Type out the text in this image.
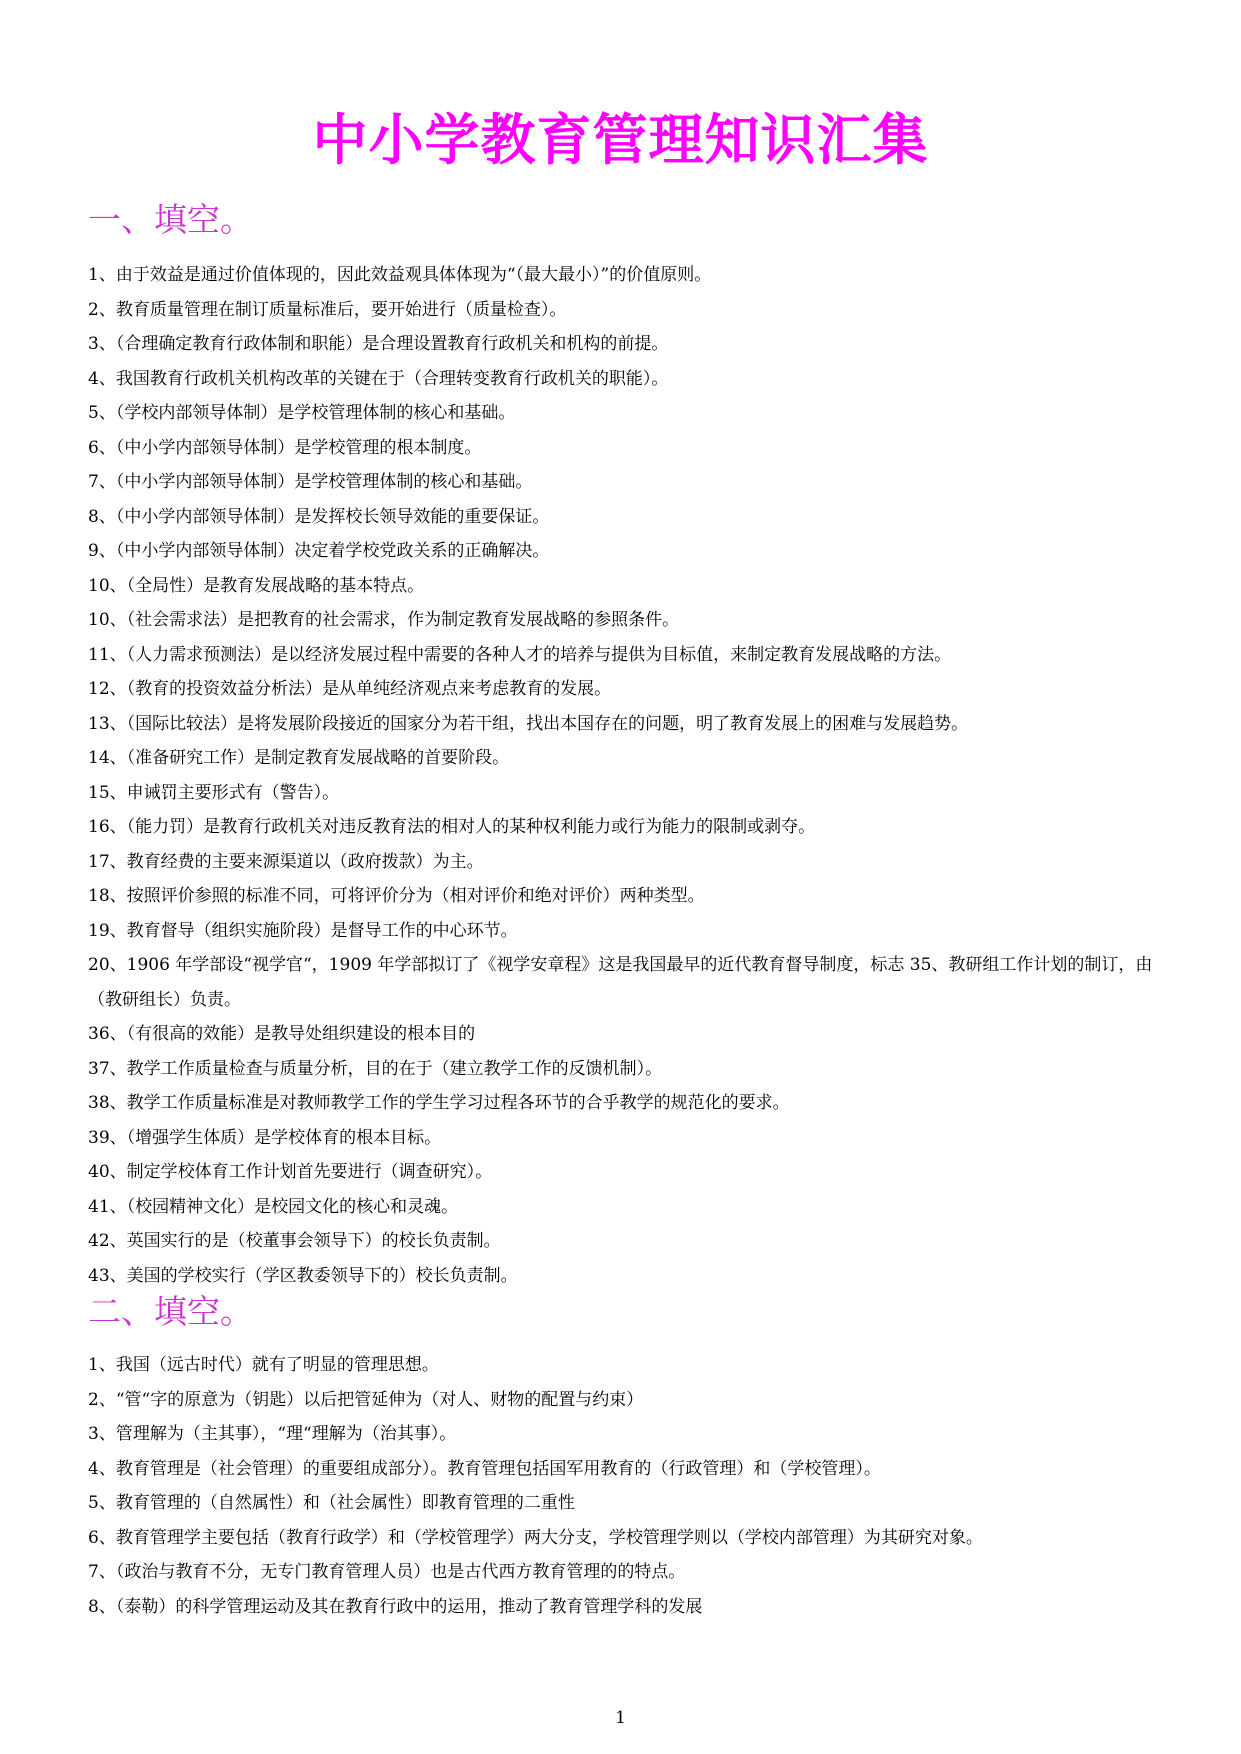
中小学教育管理知识汇集
一、填空。
1、由于效益是通过价值体现的，因此效益观具体体现为“（最大最小）”的价值原则。
2、教育质量管理在制订质量标准后，要开始进行（质量检查）。
3、（合理确定教育行政体制和职能）是合理设置教育行政机关和机构的前提。
4、我国教育行政机关机构改革的关键在于（合理转变教育行政机关的职能）。
5、（学校内部领导体制）是学校管理体制的核心和基础。
6、（中小学内部领导体制）是学校管理的根本制度。
7、（中小学内部领导体制）是学校管理体制的核心和基础。
8、（中小学内部领导体制）是发挥校长领导效能的重要保证。
9、（中小学内部领导体制）决定着学校党政关系的正确解决。
10、（全局性）是教育发展战略的基本特点。
10、（社会需求法）是把教育的社会需求，作为制定教育发展战略的参照条件。
11、（人力需求预测法）是以经济发展过程中需要的各种人才的培养与提供为目标值，来制定教育发展战略的方法。
12、（教育的投资效益分析法）是从单纯经济观点来考虑教育的发展。
13、（国际比较法）是将发展阶段接近的国家分为若干组，找出本国存在的问题，明了教育发展上的困难与发展趋势。
14、（准备研究工作）是制定教育发展战略的首要阶段。
15、申诫罚主要形式有（警告）。
16、（能力罚）是教育行政机关对违反教育法的相对人的某种权利能力或行为能力的限制或剥夺。
17、教育经费的主要来源渠道以（政府拨款）为主。
18、按照评价参照的标准不同，可将评价分为（相对评价和绝对评价）两种类型。
19、教育督导（组织实施阶段）是督导工作的中心环节。
20、1906 年学部设“视学官“，1909 年学部拟订了《视学安章程》这是我国最早的近代教育督导制度，标志 35、教研组工作计划的制订，由（教研组长）负责。
36、（有很高的效能）是教导处组织建设的根本目的
37、教学工作质量检查与质量分析，目的在于（建立教学工作的反馈机制）。
38、教学工作质量标准是对教师教学工作的学生学习过程各环节的合乎教学的规范化的要求。
39、（增强学生体质）是学校体育的根本目标。
40、制定学校体育工作计划首先要进行（调查研究）。
41、（校园精神文化）是校园文化的核心和灵魂。
42、英国实行的是（校董事会领导下）的校长负责制。
43、美国的学校实行（学区教委领导下的）校长负责制。
二、填空。
1、我国（远古时代）就有了明显的管理思想。
2、“管“字的原意为（钥匙）以后把管延伸为（对人、财物的配置与约束）
3、管理解为（主其事），“理“理解为（治其事）。
4、教育管理是（社会管理）的重要组成部分）。教育管理包括国军用教育的（行政管理）和（学校管理）。
5、教育管理的（自然属性）和（社会属性）即教育管理的二重性
6、教育管理学主要包括（教育行政学）和（学校管理学）两大分支，学校管理学则以（学校内部管理）为其研究对象。
7、（政治与教育不分，无专门教育管理人员）也是古代西方教育管理的的特点。
8、（泰勒）的科学管理运动及其在教育行政中的运用，推动了教育管理学科的发展
1
